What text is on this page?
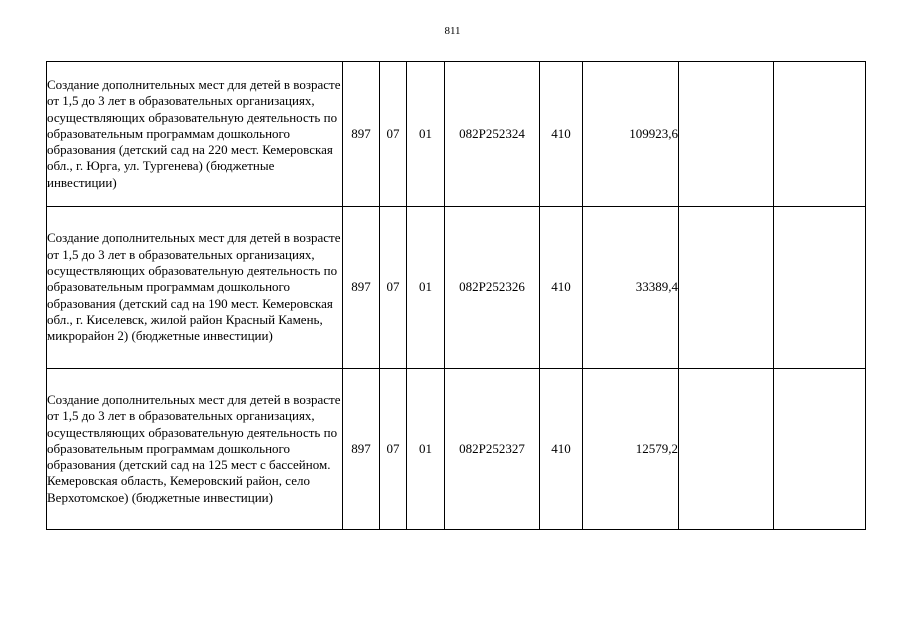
811
Создание дополнительных мест для детей в возрасте от 1,5 до 3 лет в образовательных организациях, осуществляющих образовательную деятельность по образовательным программам дошкольного образования (детский сад на 220 мест. Кемеровская обл., г. Юрга, ул. Тургенева) (бюджетные инвестиции)	897	07	01	082Р252324	410	109923,6		
Создание дополнительных мест для детей в возрасте от 1,5 до 3 лет в образовательных организациях, осуществляющих образовательную деятельность по образовательным программам дошкольного образования (детский сад на 190 мест. Кемеровская обл., г. Киселевск, жилой район Красный Камень, микрорайон 2) (бюджетные инвестиции)	897	07	01	082Р252326	410	33389,4		
Создание дополнительных мест для детей в возрасте от 1,5 до 3 лет в образовательных организациях, осуществляющих образовательную деятельность по образовательным программам дошкольного образования (детский сад на 125 мест с бассейном. Кемеровская область, Кемеровский район, село Верхотомское) (бюджетные инвестиции)	897	07	01	082Р252327	410	12579,2		
